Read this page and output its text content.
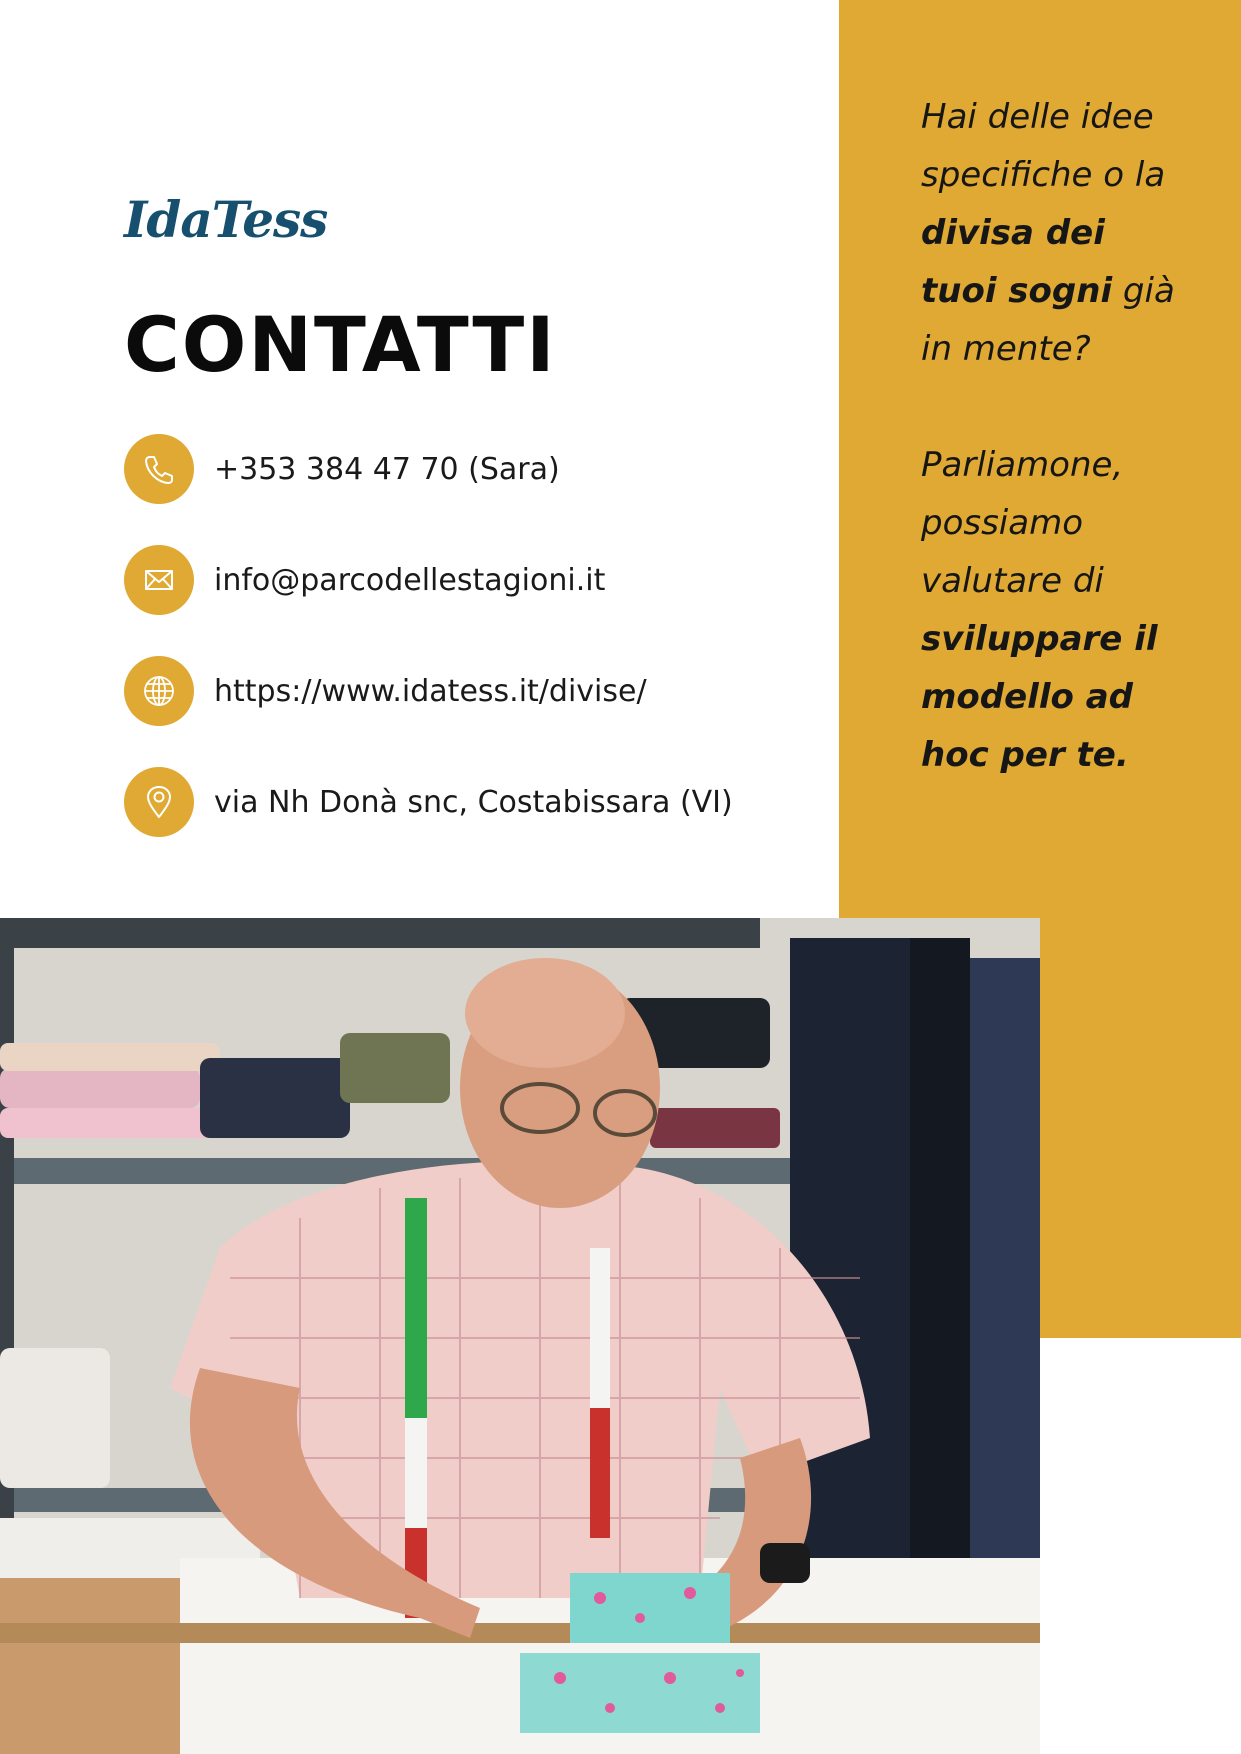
IdaTess
CONTATTI
+353 384 47 70 (Sara)
info@parcodellestagioni.it
https://www.idatess.it/divise/
via Nh Donà snc, Costabissara (VI)

Hai delle idee

specifiche o la

divisa dei

tuoi sogni già

in mente?

Parliamone,

possiamo

valutare di

sviluppare il

modello ad

hoc per te.
